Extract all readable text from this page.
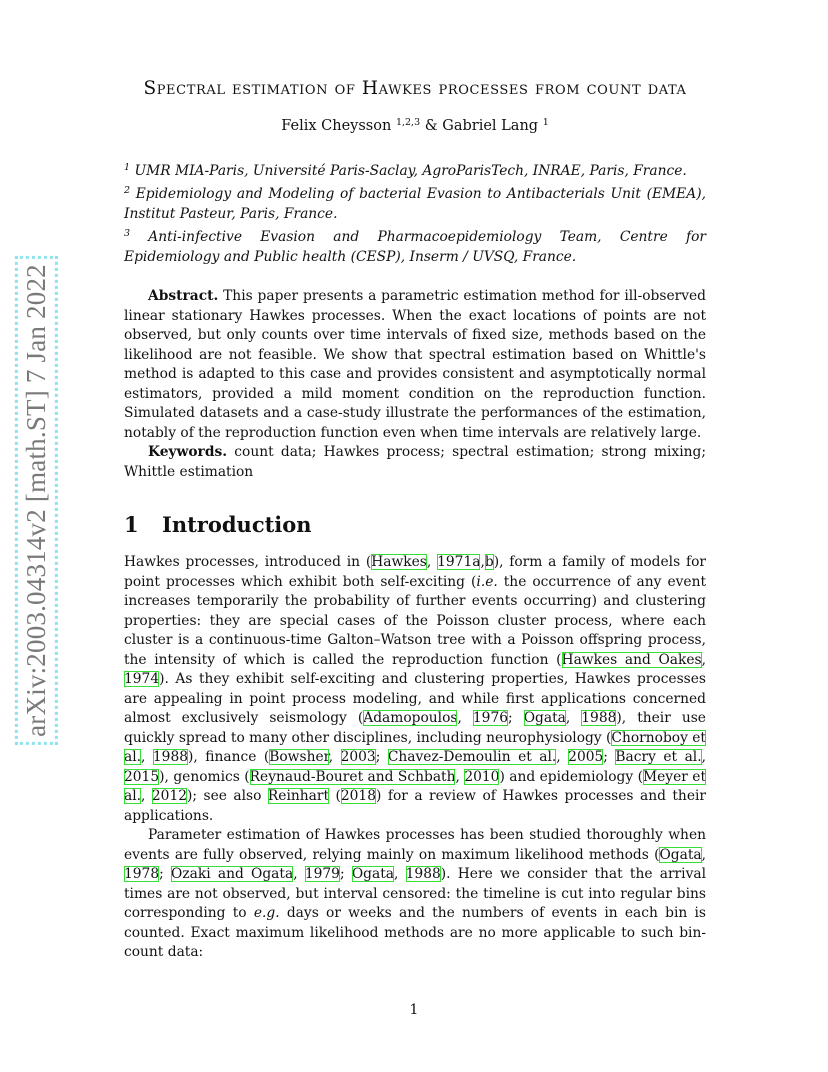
arXiv:2003.04314v2 [math.ST] 7 Jan 2022
Spectral estimation of Hawkes processes from count data
Felix Cheysson $^{1,2,3}$ & Gabriel Lang $^1$

$^1$ UMR MIA-Paris, Université Paris-Saclay, AgroParisTech, INRAE, Paris, France.

$^2$ Epidemiology and Modeling of bacterial Evasion to Antibacterials Unit (EMEA), Institut Pasteur, Paris, France.

$^3$ Anti-infective Evasion and Pharmacoepidemiology Team, Centre for Epidemiology and Public health (CESP), Inserm / UVSQ, France.

Abstract. This paper presents a parametric estimation method for ill-observed linear stationary Hawkes processes. When the exact locations of points are not observed, but only counts over time intervals of fixed size, methods based on the likelihood are not feasible. We show that spectral estimation based on Whittle's method is adapted to this case and provides consistent and asymptotically normal estimators, provided a mild moment condition on the reproduction function. Simulated datasets and a case-study illustrate the performances of the estimation, notably of the reproduction function even when time intervals are relatively large.

Keywords. count data; Hawkes process; spectral estimation; strong mixing; Whittle estimation

1 Introduction

Hawkes processes, introduced in (Hawkes, 1971a,b), form a family of models for point processes which exhibit both self-exciting (i.e. the occurrence of any event increases temporarily the probability of further events occurring) and clustering properties: they are special cases of the Poisson cluster process, where each cluster is a continuous-time Galton–Watson tree with a Poisson offspring process, the intensity of which is called the reproduction function (Hawkes and Oakes, 1974). As they exhibit self-exciting and clustering properties, Hawkes processes are appealing in point process modeling, and while first applications concerned almost exclusively seismology (Adamopoulos, 1976; Ogata, 1988), their use quickly spread to many other disciplines, including neurophysiology (Chornoboy et al., 1988), finance (Bowsher, 2003; Chavez-Demoulin et al., 2005; Bacry et al., 2015), genomics (Reynaud-Bouret and Schbath, 2010) and epidemiology (Meyer et al., 2012); see also Reinhart (2018) for a review of Hawkes processes and their applications.

Parameter estimation of Hawkes processes has been studied thoroughly when events are fully observed, relying mainly on maximum likelihood methods (Ogata, 1978; Ozaki and Ogata, 1979; Ogata, 1988). Here we consider that the arrival times are not observed, but interval censored: the timeline is cut into regular bins corresponding to e.g. days or weeks and the numbers of events in each bin is counted. Exact maximum likelihood methods are no more applicable to such bin-count data:

1
